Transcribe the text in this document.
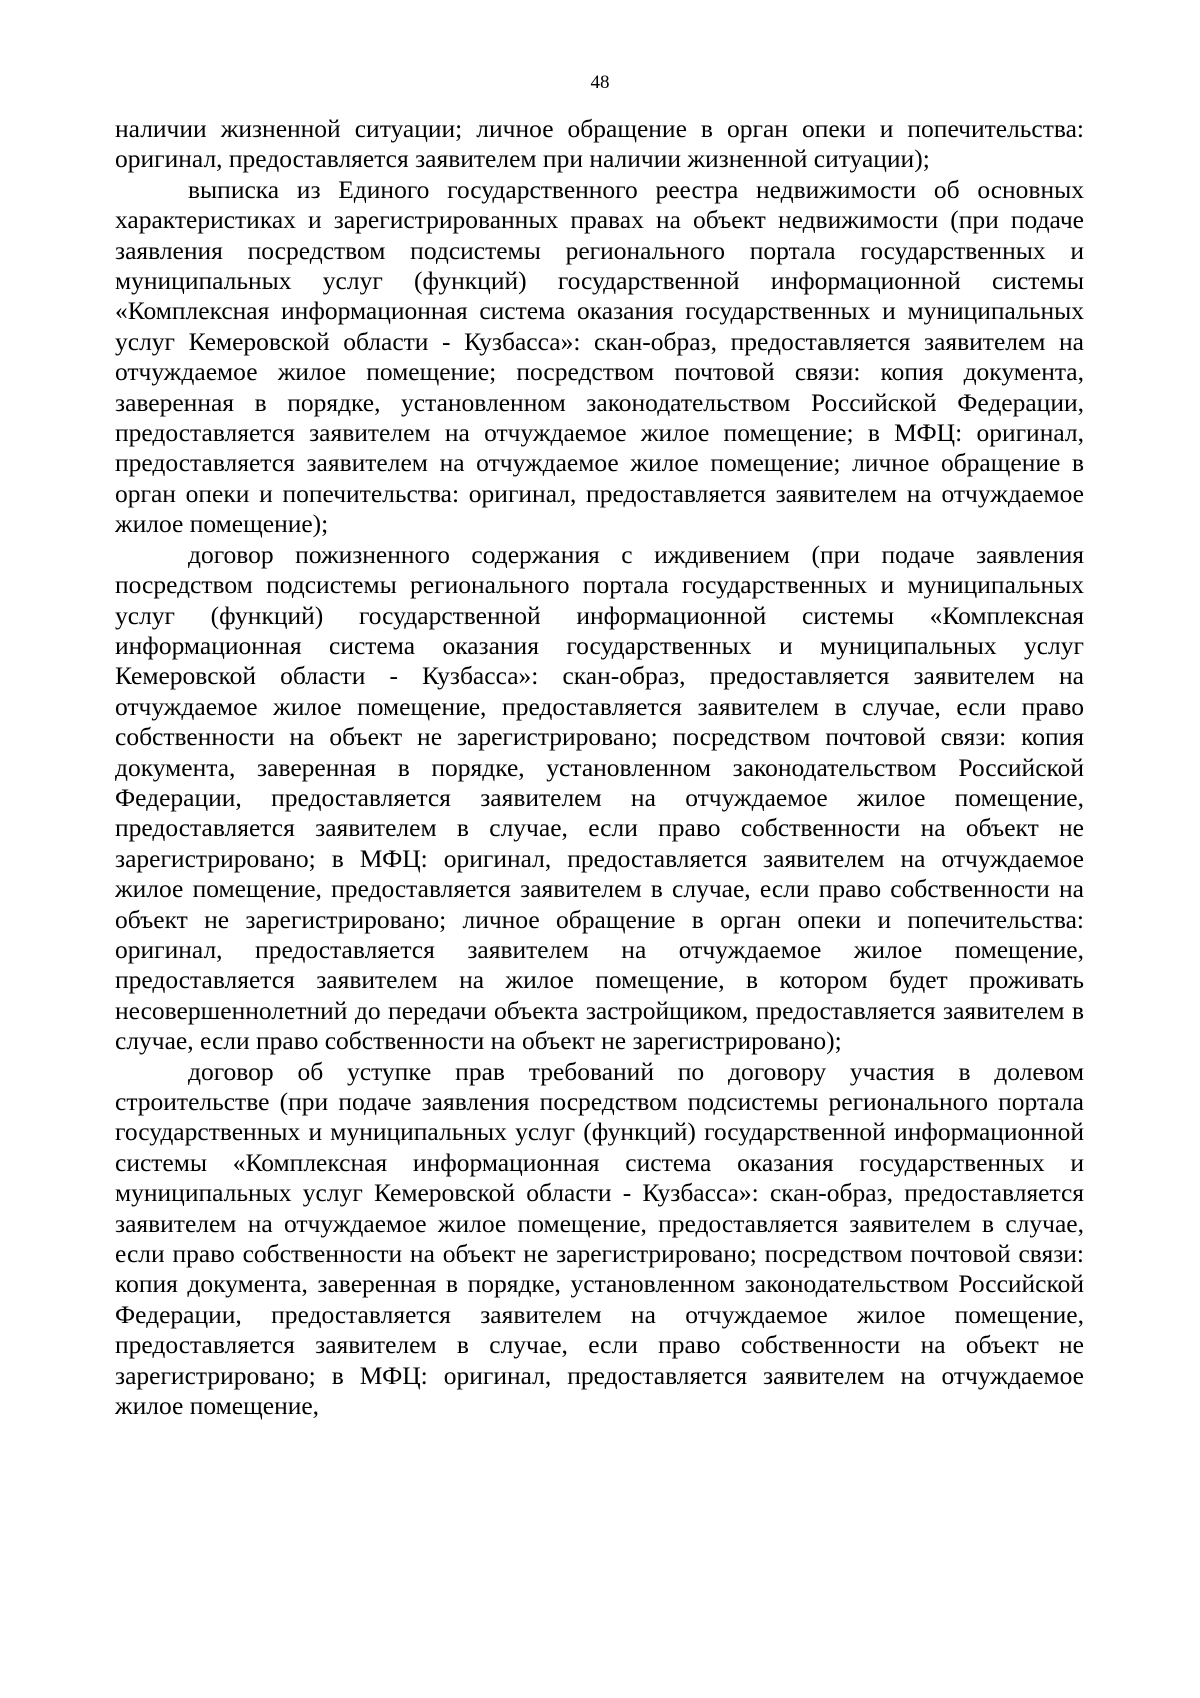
48

наличии жизненной ситуации; личное обращение в орган опеки и попечительства: оригинал, предоставляется заявителем при наличии жизненной ситуации);

выписка из Единого государственного реестра недвижимости об основных характеристиках и зарегистрированных правах на объект недвижимости (при подаче заявления посредством подсистемы регионального портала государственных и муниципальных услуг (функций) государственной информационной системы «Комплексная информационная система оказания государственных и муниципальных услуг Кемеровской области - Кузбасса»: скан-образ, предоставляется заявителем на отчуждаемое жилое помещение; посредством почтовой связи: копия документа, заверенная в порядке, установленном законодательством Российской Федерации, предоставляется заявителем на отчуждаемое жилое помещение; в МФЦ: оригинал, предоставляется заявителем на отчуждаемое жилое помещение; личное обращение в орган опеки и попечительства: оригинал, предоставляется заявителем на отчуждаемое жилое помещение);

договор пожизненного содержания с иждивением (при подаче заявления посредством подсистемы регионального портала государственных и муниципальных услуг (функций) государственной информационной системы «Комплексная информационная система оказания государственных и муниципальных услуг Кемеровской области - Кузбасса»: скан-образ, предоставляется заявителем на отчуждаемое жилое помещение, предоставляется заявителем в случае, если право собственности на объект не зарегистрировано; посредством почтовой связи: копия документа, заверенная в порядке, установленном законодательством Российской Федерации, предоставляется заявителем на отчуждаемое жилое помещение, предоставляется заявителем в случае, если право собственности на объект не зарегистрировано; в МФЦ: оригинал, предоставляется заявителем на отчуждаемое жилое помещение, предоставляется заявителем в случае, если право собственности на объект не зарегистрировано; личное обращение в орган опеки и попечительства: оригинал, предоставляется заявителем на отчуждаемое жилое помещение, предоставляется заявителем на жилое помещение, в котором будет проживать несовершеннолетний до передачи объекта застройщиком, предоставляется заявителем в случае, если право собственности на объект не зарегистрировано);

договор об уступке прав требований по договору участия в долевом строительстве (при подаче заявления посредством подсистемы регионального портала государственных и муниципальных услуг (функций) государственной информационной системы «Комплексная информационная система оказания государственных и муниципальных услуг Кемеровской области - Кузбасса»: скан-образ, предоставляется заявителем на отчуждаемое жилое помещение, предоставляется заявителем в случае, если право собственности на объект не зарегистрировано; посредством почтовой связи: копия документа, заверенная в порядке, установленном законодательством Российской Федерации, предоставляется заявителем на отчуждаемое жилое помещение, предоставляется заявителем в случае, если право собственности на объект не зарегистрировано; в МФЦ: оригинал, предоставляется заявителем на отчуждаемое жилое помещение,
